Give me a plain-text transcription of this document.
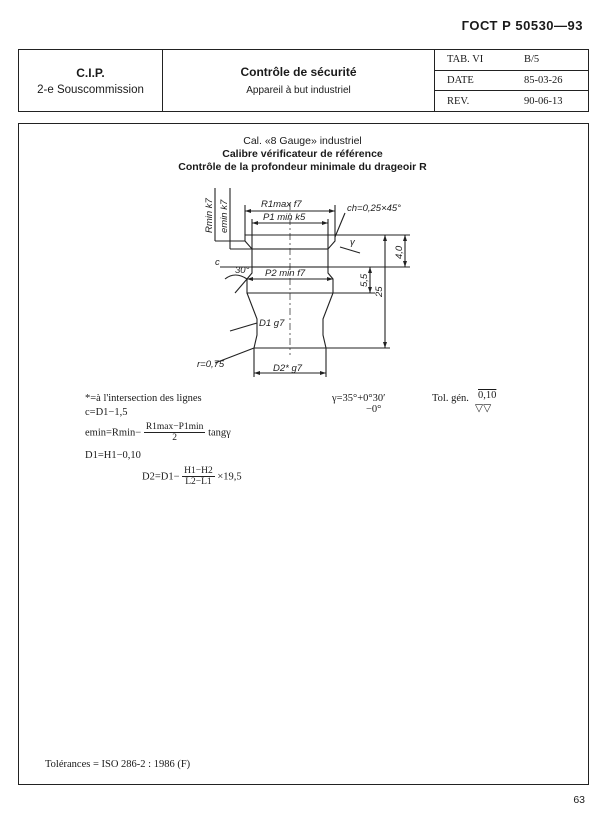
ГОСТ Р 50530—93
C.I.P.
2-e Souscommission
Contrôle de sécurité
Appareil à but industriel
TAB. VI	B/5
DATE	85-03-26
REV.	90-06-13
Cal. «8 Gauge» industriel
Calibre vérificateur de référence
Contrôle de la profondeur minimale du drageoir R
R1max f7
P1 min k5
ch=0,25×45°
γ
Rmin k7 emin k7
c
30° P2 min f7
D1 g7
r=0,75	D2* g7
4,0
5,5
25
*=à l'intersection des lignes	γ=35°+0°30′
−0°
Tol. gén. 0,10
▽▽
c=D1−1,5
$emin=Rmin- \frac{R1\max-P1\min}{2}$ tangγ
D1=H1−0,10
$D2=D1- \frac{H1-H2}{L2-L1} \times 19,5$
Tolérances = ISO 286-2 : 1986 (F)
63
